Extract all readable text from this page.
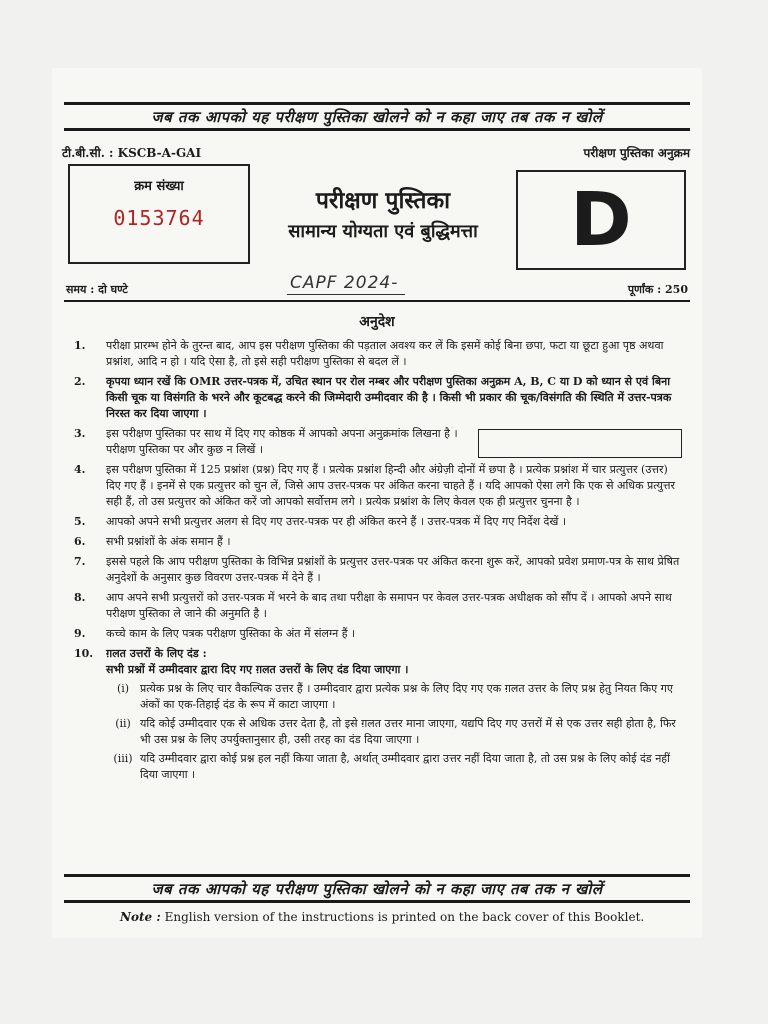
जब तक आपको यह परीक्षण पुस्तिका खोलने को न कहा जाए तब तक न खोलें
टी.बी.सी. : KSCB-A-GAI	परीक्षण पुस्तिका अनुक्रम
क्रम संख्या
0153764
परीक्षण पुस्तिका
सामान्य योग्यता एवं बुद्धिमत्ता	D
समय : दो घण्टे	CAPF 2024-	पूर्णांक : 250
अनुदेश
1.	परीक्षा प्रारम्भ होने के तुरन्त बाद, आप इस परीक्षण पुस्तिका की पड़ताल अवश्य कर लें कि इसमें कोई बिना छपा, फटा या छूटा हुआ पृष्ठ अथवा प्रश्नांश, आदि न हो । यदि ऐसा है, तो इसे सही परीक्षण पुस्तिका से बदल लें ।
2.	कृपया ध्यान रखें कि OMR उत्तर-पत्रक में, उचित स्थान पर रोल नम्बर और परीक्षण पुस्तिका अनुक्रम A, B, C या D को ध्यान से एवं बिना किसी चूक या विसंगति के भरने और कूटबद्ध करने की जिम्मेदारी उम्मीदवार की है । किसी भी प्रकार की चूक/विसंगति की स्थिति में उत्तर-पत्रक निरस्त कर दिया जाएगा ।
3.	इस परीक्षण पुस्तिका पर साथ में दिए गए कोष्ठक में आपको अपना अनुक्रमांक लिखना है । परीक्षण पुस्तिका पर और कुछ न लिखें ।
4.	इस परीक्षण पुस्तिका में 125 प्रश्नांश (प्रश्न) दिए गए हैं । प्रत्येक प्रश्नांश हिन्दी और अंग्रेज़ी दोनों में छपा है । प्रत्येक प्रश्नांश में चार प्रत्युत्तर (उत्तर) दिए गए हैं । इनमें से एक प्रत्युत्तर को चुन लें, जिसे आप उत्तर-पत्रक पर अंकित करना चाहते हैं । यदि आपको ऐसा लगे कि एक से अधिक प्रत्युत्तर सही हैं, तो उस प्रत्युत्तर को अंकित करें जो आपको सर्वोत्तम लगे । प्रत्येक प्रश्नांश के लिए केवल एक ही प्रत्युत्तर चुनना है ।
5.	आपको अपने सभी प्रत्युत्तर अलग से दिए गए उत्तर-पत्रक पर ही अंकित करने हैं । उत्तर-पत्रक में दिए गए निर्देश देखें ।
6.	सभी प्रश्नांशों के अंक समान हैं ।
7.	इससे पहले कि आप परीक्षण पुस्तिका के विभिन्न प्रश्नांशों के प्रत्युत्तर उत्तर-पत्रक पर अंकित करना शुरू करें, आपको प्रवेश प्रमाण-पत्र के साथ प्रेषित अनुदेशों के अनुसार कुछ विवरण उत्तर-पत्रक में देने हैं ।
8.	आप अपने सभी प्रत्युत्तरों को उत्तर-पत्रक में भरने के बाद तथा परीक्षा के समापन पर केवल उत्तर-पत्रक अधीक्षक को सौंप दें । आपको अपने साथ परीक्षण पुस्तिका ले जाने की अनुमति है ।
9.	कच्चे काम के लिए पत्रक परीक्षण पुस्तिका के अंत में संलग्न हैं ।
10.	ग़लत उत्तरों के लिए दंड :
सभी प्रश्नों में उम्मीदवार द्वारा दिए गए ग़लत उत्तरों के लिए दंड दिया जाएगा ।
(i) प्रत्येक प्रश्न के लिए चार वैकल्पिक उत्तर हैं । उम्मीदवार द्वारा प्रत्येक प्रश्न के लिए दिए गए एक ग़लत उत्तर के लिए प्रश्न हेतु नियत किए गए अंकों का एक-तिहाई दंड के रूप में काटा जाएगा ।
(ii) यदि कोई उम्मीदवार एक से अधिक उत्तर देता है, तो इसे ग़लत उत्तर माना जाएगा, यद्यपि दिए गए उत्तरों में से एक उत्तर सही होता है, फिर भी उस प्रश्न के लिए उपर्युक्तानुसार ही, उसी तरह का दंड दिया जाएगा ।
(iii) यदि उम्मीदवार द्वारा कोई प्रश्न हल नहीं किया जाता है, अर्थात् उम्मीदवार द्वारा उत्तर नहीं दिया जाता है, तो उस प्रश्न के लिए कोई दंड नहीं दिया जाएगा ।
जब तक आपको यह परीक्षण पुस्तिका खोलने को न कहा जाए तब तक न खोलें
Note : English version of the instructions is printed on the back cover of this Booklet.
